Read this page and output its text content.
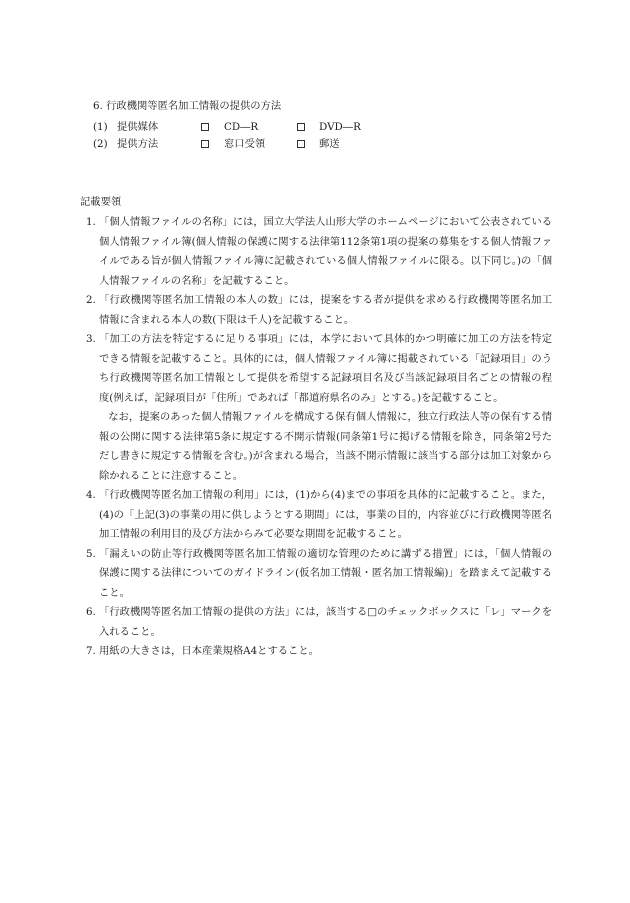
6. 行政機関等匿名加工情報の提供の方法
(1) 提供媒体	CD―R	DVD―R
(2) 提供方法	窓口受領	郵送
記載要領
1. 「個人情報ファイルの名称」には，国立大学法人山形大学のホームページにおいて公表されている個人情報ファイル簿(個人情報の保護に関する法律第112条第1項の提案の募集をする個人情報ファイルである旨が個人情報ファイル簿に記載されている個人情報ファイルに限る。以下同じ。)の「個人情報ファイルの名称」を記載すること。

2. 「行政機関等匿名加工情報の本人の数」には，提案をする者が提供を求める行政機関等匿名加工情報に含まれる本人の数(下限は千人)を記載すること。

3. 「加工の方法を特定するに足りる事項」には，本学において具体的かつ明確に加工の方法を特定できる情報を記載すること。具体的には，個人情報ファイル簿に掲載されている「記録項目」のうち行政機関等匿名加工情報として提供を希望する記録項目名及び当該記録項目名ごとの情報の程度(例えば，記録項目が「住所」であれば「都道府県名のみ」とする。)を記載すること。

なお，提案のあった個人情報ファイルを構成する保有個人情報に，独立行政法人等の保有する情報の公開に関する法律第5条に規定する不開示情報(同条第1号に掲げる情報を除き，同条第2号ただし書きに規定する情報を含む。)が含まれる場合，当該不開示情報に該当する部分は加工対象から除かれることに注意すること。

4. 「行政機関等匿名加工情報の利用」には，(1)から(4)までの事項を具体的に記載すること。また，(4)の「上記(3)の事業の用に供しようとする期間」には，事業の目的，内容並びに行政機関等匿名加工情報の利用目的及び方法からみて必要な期間を記載すること。

5. 「漏えいの防止等行政機関等匿名加工情報の適切な管理のために講ずる措置」には，「個人情報の保護に関する法律についてのガイドライン(仮名加工情報・匿名加工情報編)」を踏まえて記載すること。

6. 「行政機関等匿名加工情報の提供の方法」には，該当する□のチェックボックスに「レ」マークを入れること。

7. 用紙の大きさは，日本産業規格A4とすること。
